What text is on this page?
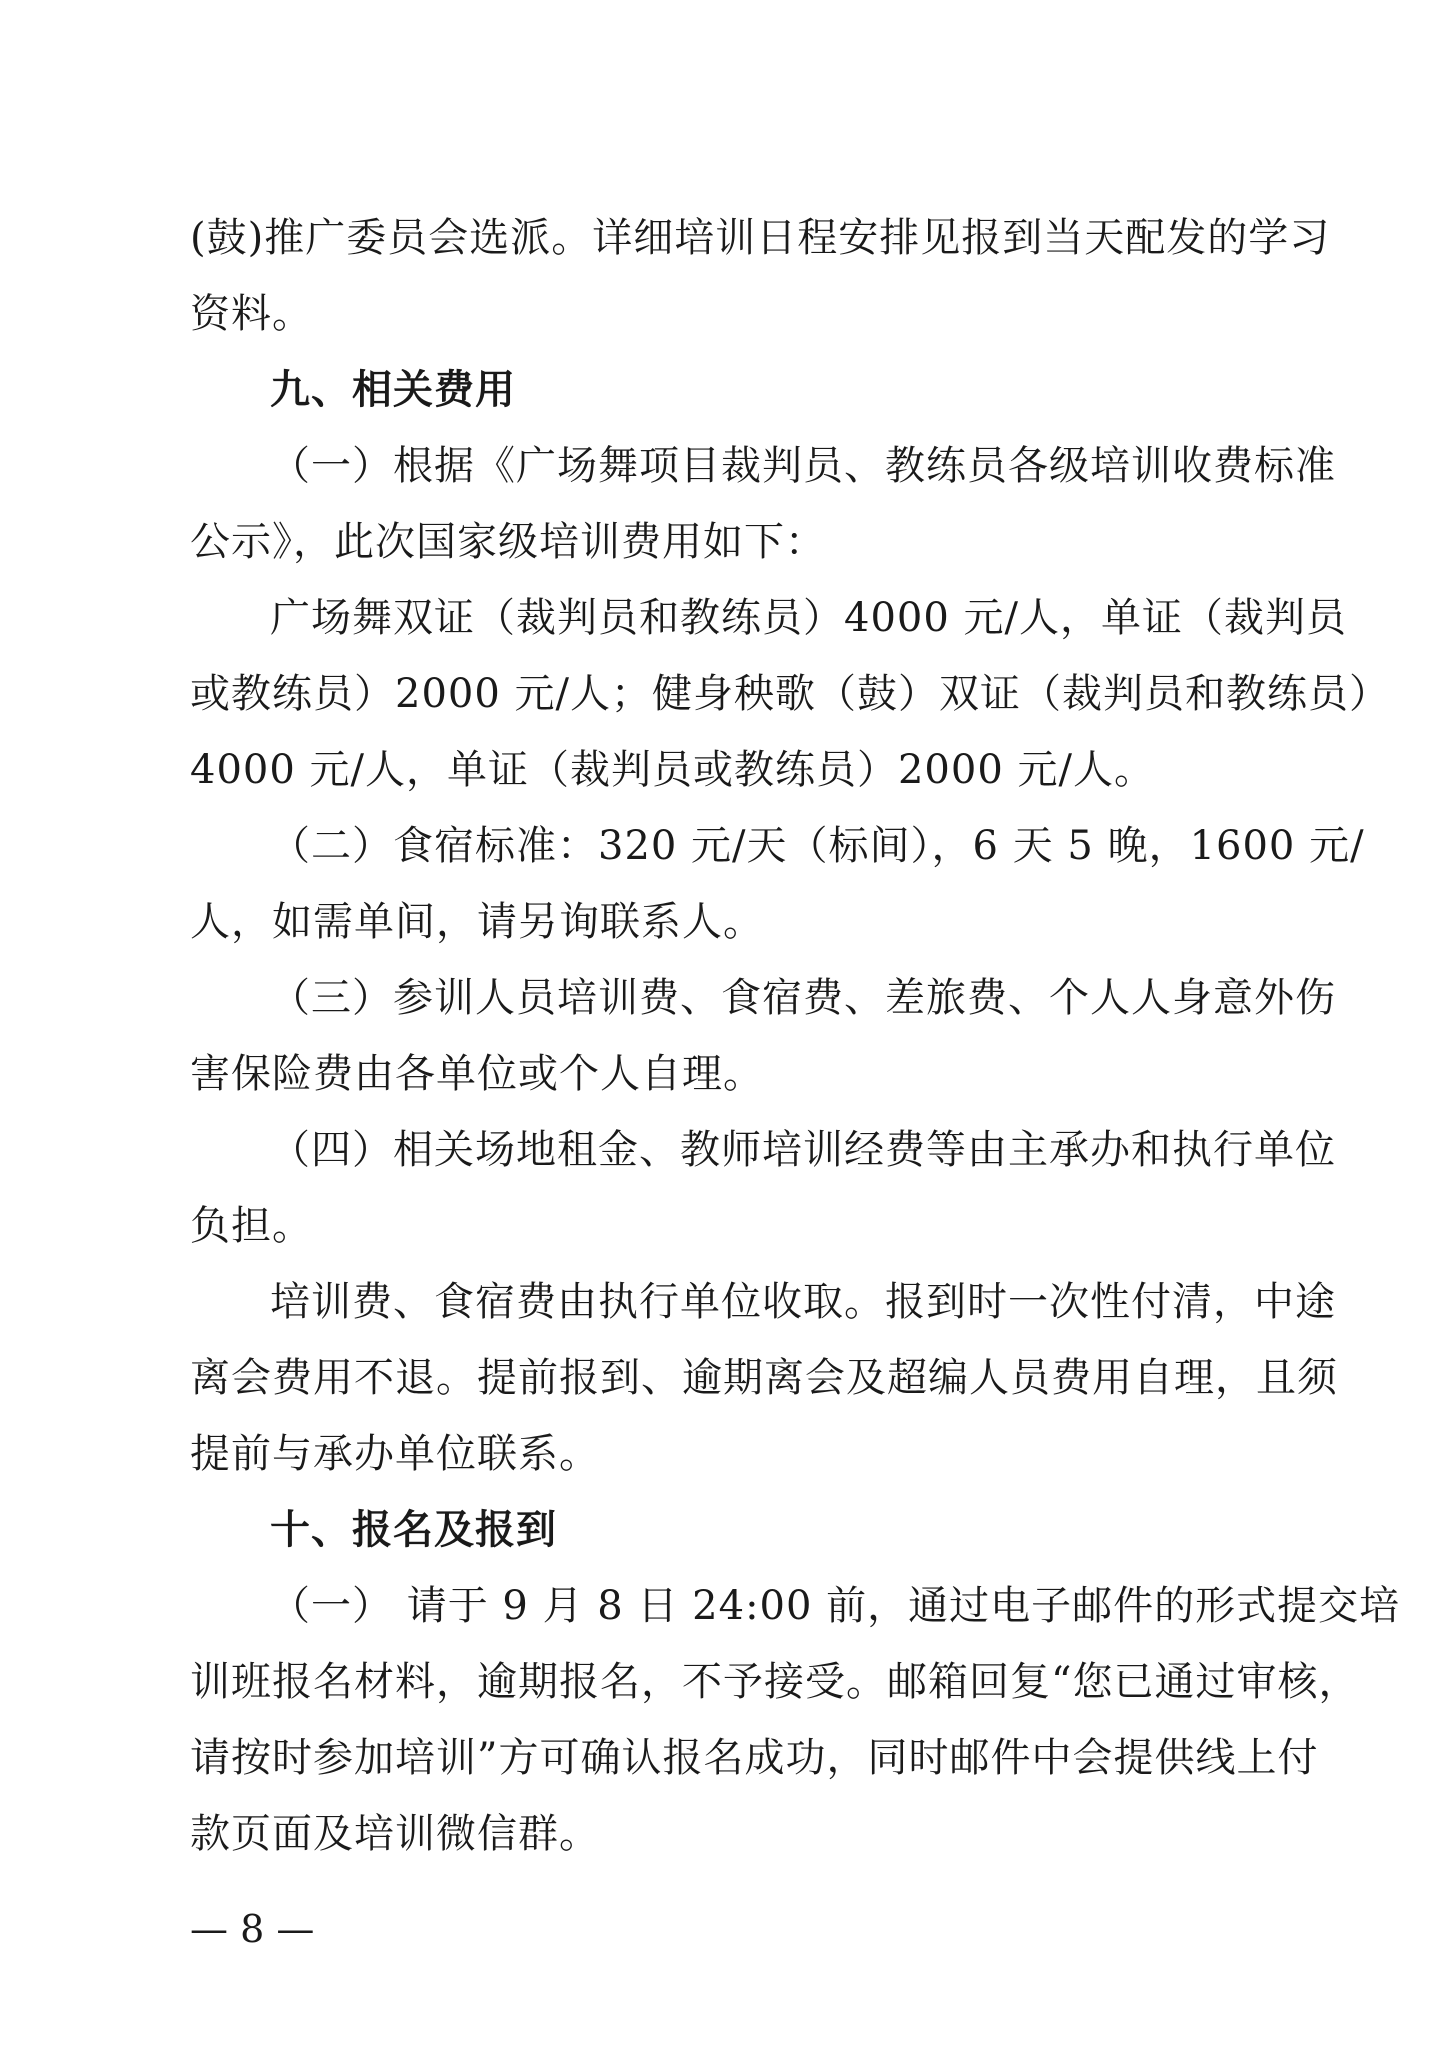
(鼓)推广委员会选派。详细培训日程安排见报到当天配发的学习
资料。
九、相关费用
（一）根据《广场舞项目裁判员、教练员各级培训收费标准
公示》，此次国家级培训费用如下：
广场舞双证（裁判员和教练员）4000 元/人，单证（裁判员
或教练员）2000 元/人；健身秧歌（鼓）双证（裁判员和教练员）
4000 元/人，单证（裁判员或教练员）2000 元/人。
（二）食宿标准：320 元/天（标间），6 天 5 晚，1600 元/
人，如需单间，请另询联系人。
（三）参训人员培训费、食宿费、差旅费、个人人身意外伤
害保险费由各单位或个人自理。
（四）相关场地租金、教师培训经费等由主承办和执行单位
负担。
培训费、食宿费由执行单位收取。报到时一次性付清，中途
离会费用不退。提前报到、逾期离会及超编人员费用自理，且须
提前与承办单位联系。
十、报名及报到
（一） 请于 9 月 8 日 24:00 前，通过电子邮件的形式提交培
训班报名材料，逾期报名，不予接受。邮箱回复“您已通过审核，
请按时参加培训”方可确认报名成功，同时邮件中会提供线上付
款页面及培训微信群。
— 8 —
